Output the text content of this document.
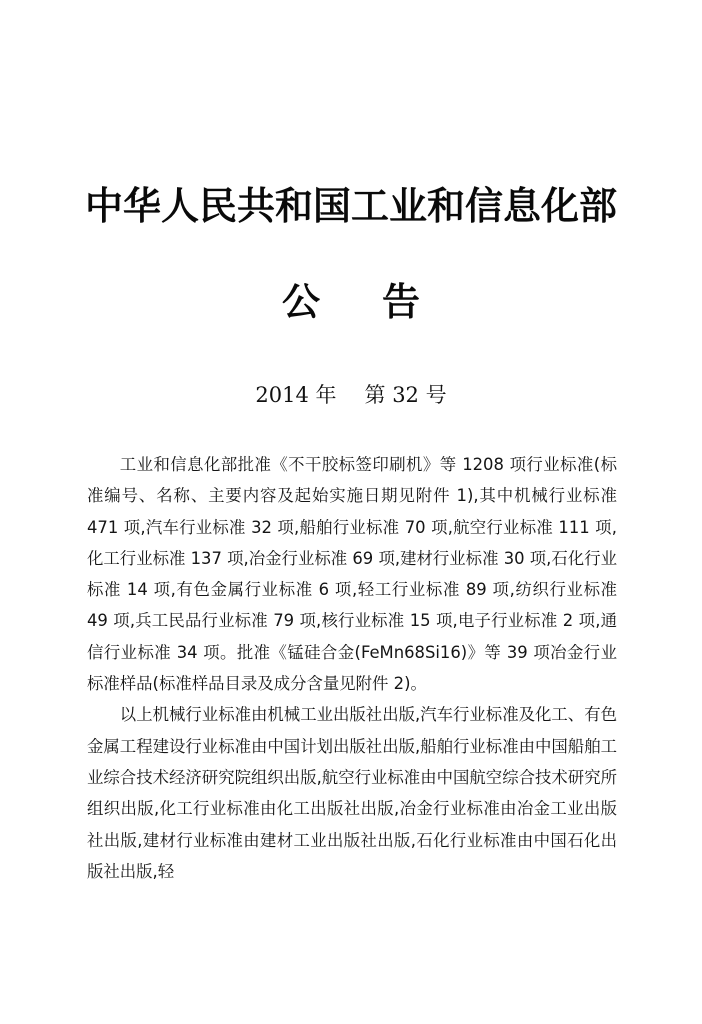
中华人民共和国工业和信息化部
公 告
2014 年 第 32 号

工业和信息化部批准《不干胶标签印刷机》等 1208 项行业标准(标准编号、名称、主要内容及起始实施日期见附件 1),其中机械行业标准 471 项,汽车行业标准 32 项,船舶行业标准 70 项,航空行业标准 111 项,化工行业标准 137 项,冶金行业标准 69 项,建材行业标准 30 项,石化行业标准 14 项,有色金属行业标准 6 项,轻工行业标准 89 项,纺织行业标准 49 项,兵工民品行业标准 79 项,核行业标准 15 项,电子行业标准 2 项,通信行业标准 34 项。批准《锰硅合金(FeMn68Si16)》等 39 项冶金行业标准样品(标准样品目录及成分含量见附件 2)。

以上机械行业标准由机械工业出版社出版,汽车行业标准及化工、有色金属工程建设行业标准由中国计划出版社出版,船舶行业标准由中国船舶工业综合技术经济研究院组织出版,航空行业标准由中国航空综合技术研究所组织出版,化工行业标准由化工出版社出版,冶金行业标准由冶金工业出版社出版,建材行业标准由建材工业出版社出版,石化行业标准由中国石化出版社出版,轻
